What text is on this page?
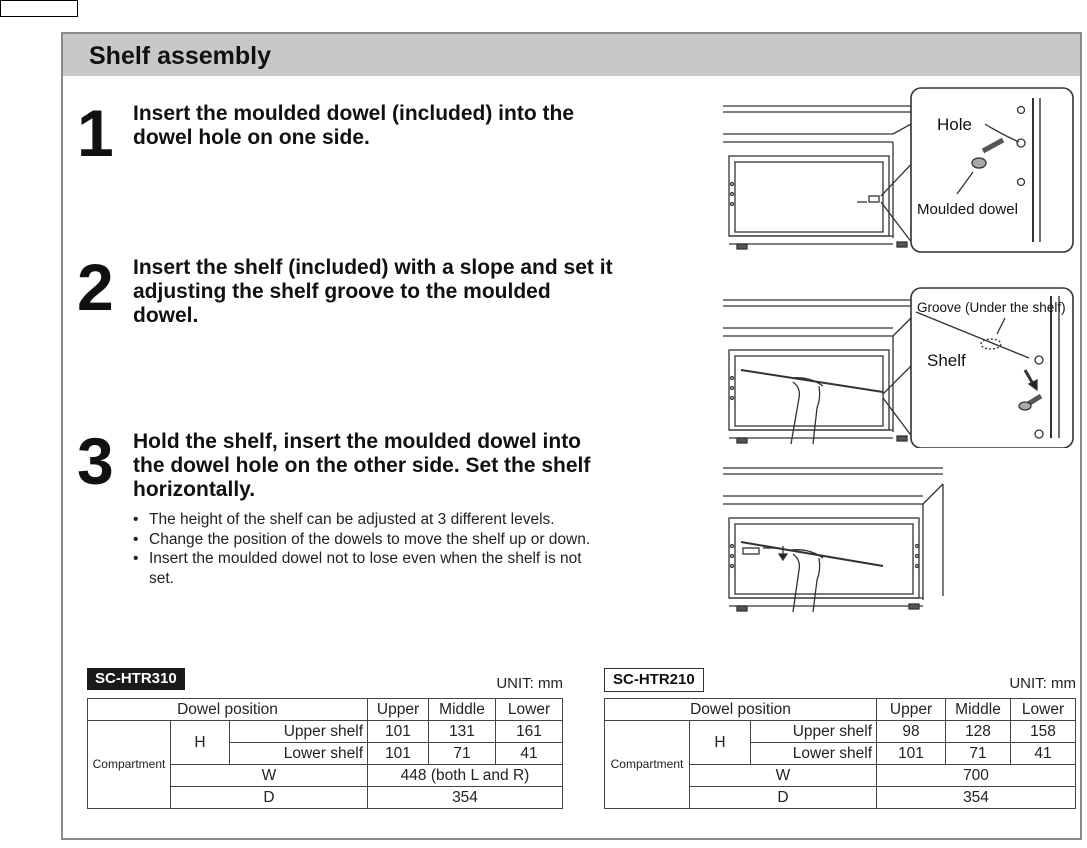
Shelf assembly
1 Insert the moulded dowel (included) into the dowel hole on one side.
2 Insert the shelf (included) with a slope and set it adjusting the shelf groove to the moulded dowel.
3 Hold the shelf, insert the moulded dowel into the dowel hole on the other side. Set the shelf horizontally.
• The height of the shelf can be adjusted at 3 different levels.
• Change the position of the dowels to move the shelf up or down.
• Insert the moulded dowel not to lose even when the shelf is not set.
Hole
Moulded dowel
Groove (Under the shelf)
Shelf
SC-HTR310	UNIT: mm
Dowel position			Upper	Middle	Lower
Compartment	H	Upper shelf	101	131	161
		Lower shelf	101	71	41
	W		448 (both L and R)		
	D		354		
SC-HTR210	UNIT: mm
Dowel position			Upper	Middle	Lower
Compartment	H	Upper shelf	98	128	158
		Lower shelf	101	71	41
	W		700		
	D		354		
